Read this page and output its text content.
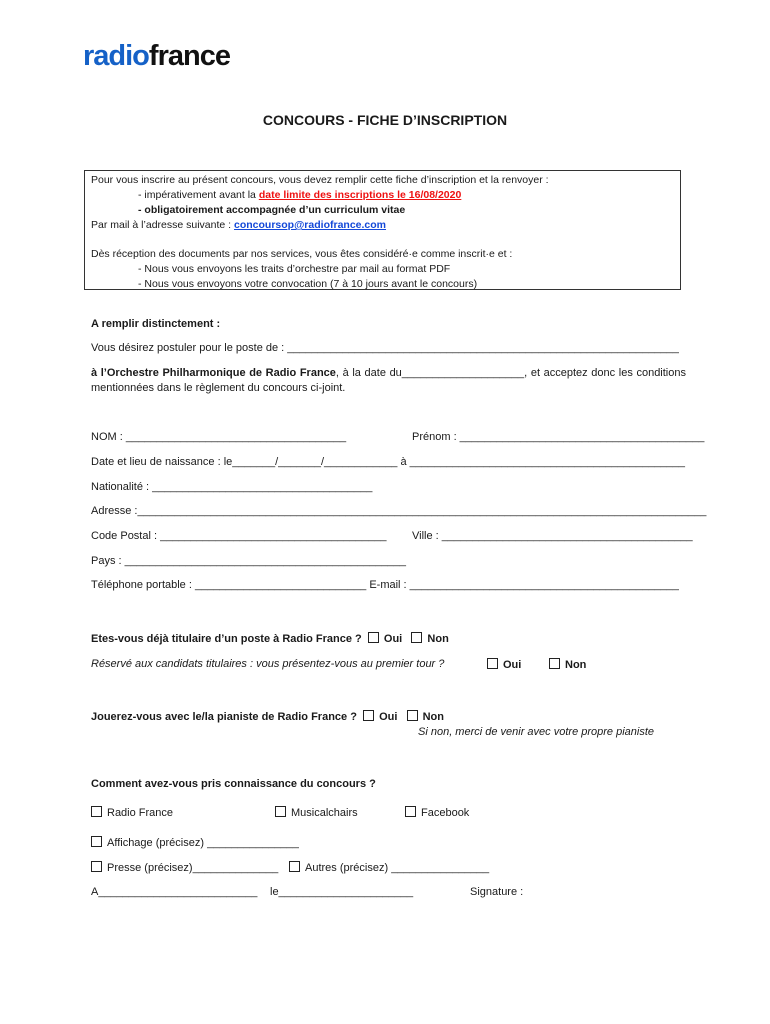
radiofrance
CONCOURS - FICHE D’INSCRIPTION
Pour vous inscrire au présent concours, vous devez remplir cette fiche d’inscription et la renvoyer :
- impérativement avant la date limite des inscriptions le 16/08/2020
- obligatoirement accompagnée d’un curriculum vitae
Par mail à l’adresse suivante : concoursop@radiofrance.com
Dès réception des documents par nos services, vous êtes considéré·e comme inscrit·e et :
- Nous vous envoyons les traits d’orchestre par mail au format PDF
- Nous vous envoyons votre convocation (7 à 10 jours avant le concours)
A remplir distinctement :
Vous désirez postuler pour le poste de : ________________________________________________________________
à l’Orchestre Philharmonique de Radio France, à la date du____________________, et acceptez donc les conditions mentionnées dans le règlement du concours ci-joint.
NOM : ____________________________________	Prénom : ________________________________________
Date et lieu de naissance : le_______/_______/____________ à _____________________________________________
Nationalité : ____________________________________
Adresse :_____________________________________________________________________________________________
Code Postal : _____________________________________ Ville : _________________________________________
Pays : ______________________________________________
Téléphone portable : ____________________________ E-mail : ____________________________________________
Etes-vous déjà titulaire d’un poste à Radio France ? Oui Non
Réservé aux candidats titulaires : vous présentez-vous au premier tour ?	Oui	Non
Jouerez-vous avec le/la pianiste de Radio France ? Oui Non
Si non, merci de venir avec votre propre pianiste
Comment avez-vous pris connaissance du concours ?
Radio France	Musicalchairs	Facebook
Affichage (précisez) _______________
Presse (précisez)______________	Autres (précisez) ________________
A__________________________ le______________________	Signature :
